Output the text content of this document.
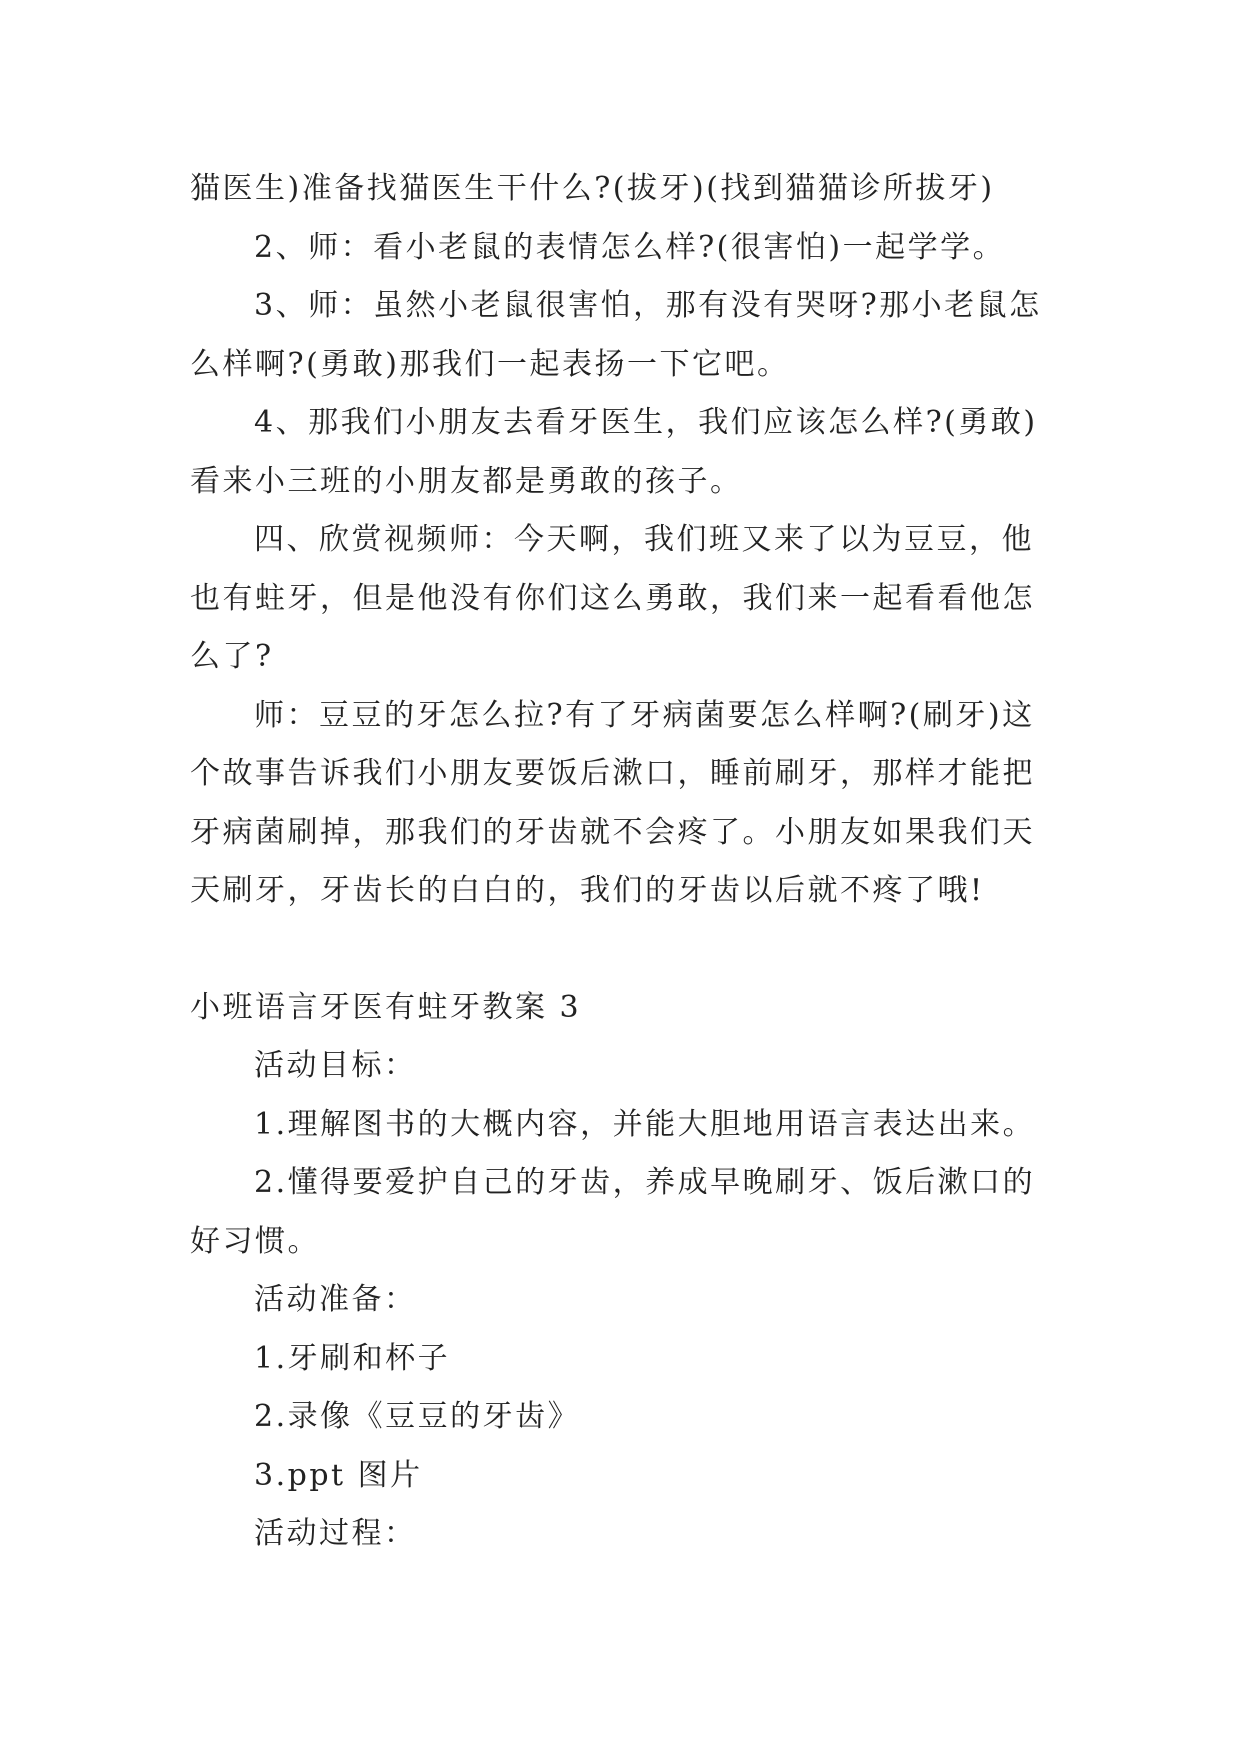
猫医生)准备找猫医生干什么?(拔牙)(找到猫猫诊所拔牙)

2、师：看小老鼠的表情怎么样?(很害怕)一起学学。

3、师：虽然小老鼠很害怕，那有没有哭呀?那小老鼠怎么样啊?(勇敢)那我们一起表扬一下它吧。

4、那我们小朋友去看牙医生，我们应该怎么样?(勇敢)看来小三班的小朋友都是勇敢的孩子。

四、欣赏视频师：今天啊，我们班又来了以为豆豆，他也有蛀牙，但是他没有你们这么勇敢，我们来一起看看他怎么了?

师：豆豆的牙怎么拉?有了牙病菌要怎么样啊?(刷牙)这个故事告诉我们小朋友要饭后漱口，睡前刷牙，那样才能把牙病菌刷掉，那我们的牙齿就不会疼了。小朋友如果我们天天刷牙，牙齿长的白白的，我们的牙齿以后就不疼了哦!

小班语言牙医有蛀牙教案 3

活动目标：

1.理解图书的大概内容，并能大胆地用语言表达出来。

2.懂得要爱护自己的牙齿，养成早晚刷牙、饭后漱口的好习惯。

活动准备：

1.牙刷和杯子

2.录像《豆豆的牙齿》

3.ppt 图片

活动过程：
